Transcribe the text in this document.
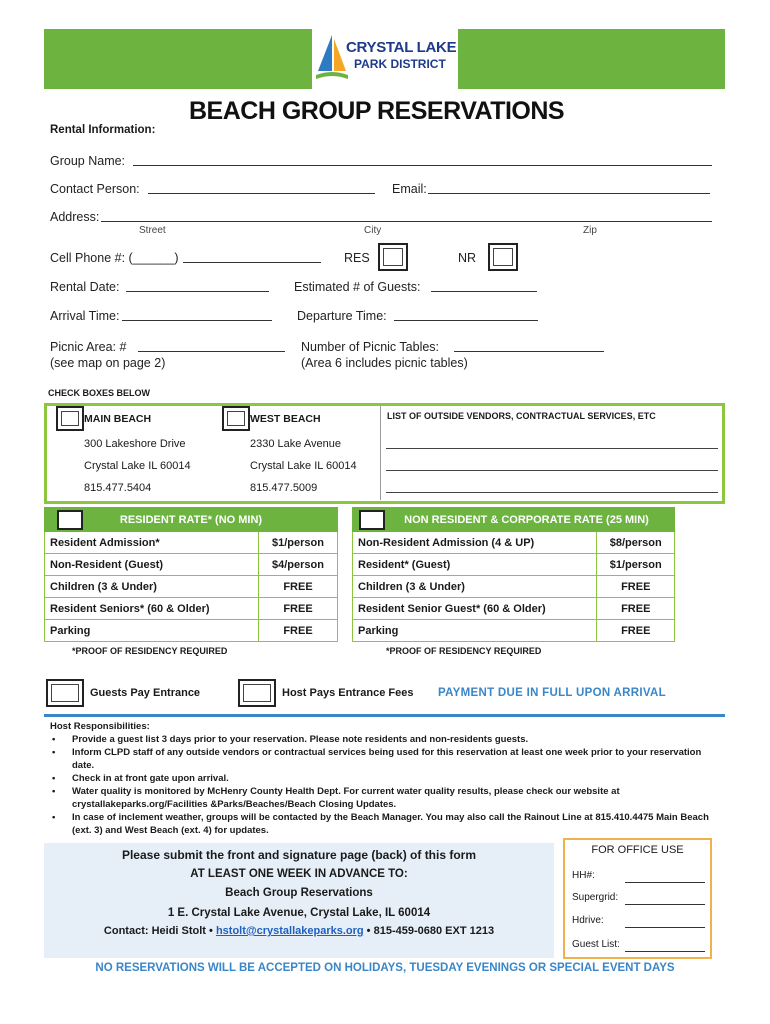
CRYSTAL LAKE
PARK DISTRICT
BEACH GROUP RESERVATIONS
Rental Information:
Group Name:
Contact Person:	Email:
Address:
Street	City	Zip
Cell Phone #: (______)	RES	NR
Rental Date:	Estimated # of Guests:
Arrival Time:	Departure Time:
Picnic Area: #
(see map on page 2)
Number of Picnic Tables:
(Area 6 includes picnic tables)
CHECK BOXES BELOW
MAIN BEACH
300 Lakeshore Drive
Crystal Lake IL 60014
815.477.5404
WEST BEACH
2330 Lake Avenue
Crystal Lake IL 60014
815.477.5009
LIST OF OUTSIDE VENDORS, CONTRACTUAL SERVICES, ETC
RESIDENT RATE* (NO MIN)	
Resident Admission*	$1/person
Non-Resident (Guest)	$4/person
Children (3 & Under)	FREE
Resident Seniors* (60 & Older)	FREE
Parking	FREE
*PROOF OF RESIDENCY REQUIRED
NON RESIDENT & CORPORATE RATE (25 MIN)	
Non-Resident Admission (4 & UP)	$8/person
Resident* (Guest)	$1/person
Children (3 & Under)	FREE
Resident Senior Guest* (60 & Older)	FREE
Parking	FREE
*PROOF OF RESIDENCY REQUIRED
Guests Pay Entrance	Host Pays Entrance Fees PAYMENT DUE IN FULL UPON ARRIVAL
Host Responsibilities:
• Provide a guest list 3 days prior to your reservation. Please note residents and non-residents guests.
• Inform CLPD staff of any outside vendors or contractual services being used for this reservation at least one week prior to your reservation date.
• Check in at front gate upon arrival.
• Water quality is monitored by McHenry County Health Dept. For current water quality results, please check our website at crystallakeparks.org/Facilities &Parks/Beaches/Beach Closing Updates.
• In case of inclement weather, groups will be contacted by the Beach Manager. You may also call the Rainout Line at 815.410.4475 Main Beach (ext. 3) and West Beach (ext. 4) for updates.
Please submit the front and signature page (back) of this form
AT LEAST ONE WEEK IN ADVANCE TO:
Beach Group Reservations
1 E. Crystal Lake Avenue, Crystal Lake, IL 60014
Contact: Heidi Stolt • hstolt@crystallakeparks.org • 815-459-0680 EXT 1213
FOR OFFICE USE
HH#:
Supergrid:
Hdrive:
Guest List:
NO RESERVATIONS WILL BE ACCEPTED ON HOLIDAYS, TUESDAY EVENINGS OR SPECIAL EVENT DAYS
